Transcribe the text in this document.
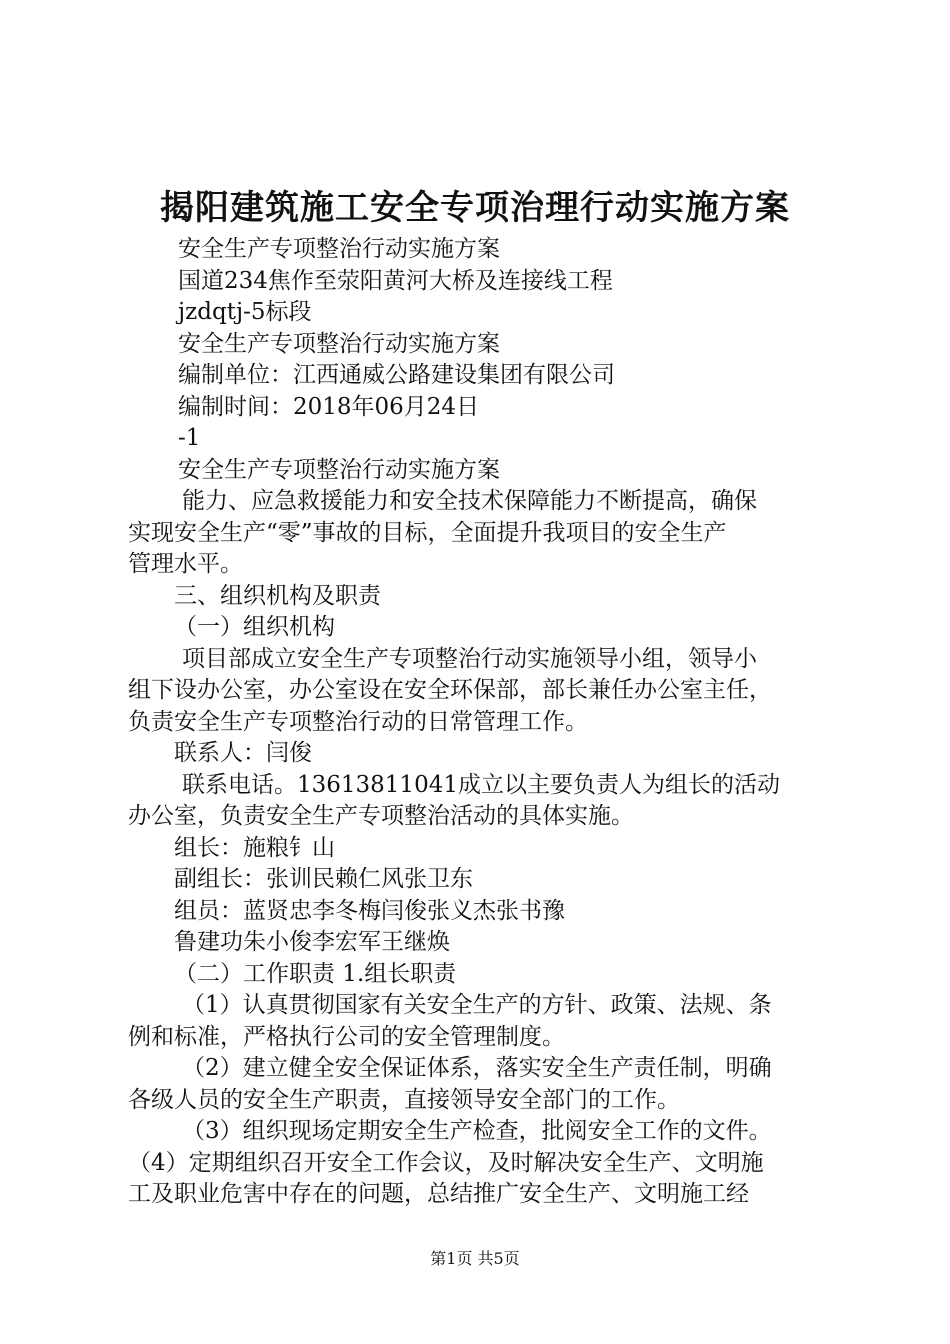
揭阳建筑施工安全专项治理行动实施方案
安全生产专项整治行动实施方案
国道234焦作至荥阳黄河大桥及连接线工程
jzdqtj-5标段
安全生产专项整治行动实施方案
编制单位：江西通威公路建设集团有限公司
编制时间：2018年06月24日
-1
安全生产专项整治行动实施方案
能力、应急救援能力和安全技术保障能力不断提高，确保
实现安全生产“零”事故的目标，全面提升我项目的安全生产
管理水平。
三、组织机构及职责
（一）组织机构
项目部成立安全生产专项整治行动实施领导小组，领导小
组下设办公室，办公室设在安全环保部，部长兼任办公室主任，
负责安全生产专项整治行动的日常管理工作。
联系人：闫俊
联系电话。13613811041成立以主要负责人为组长的活动
办公室，负责安全生产专项整治活动的具体实施。
组长：施粮钅山
副组长：张训民赖仁风张卫东
组员：蓝贤忠李冬梅闫俊张义杰张书豫
鲁建功朱小俊李宏军王继焕
（二）工作职责 1.组长职责
（1）认真贯彻国家有关安全生产的方针、政策、法规、条
例和标准，严格执行公司的安全管理制度。
（2）建立健全安全保证体系，落实安全生产责任制，明确
各级人员的安全生产职责，直接领导安全部门的工作。
（3）组织现场定期安全生产检查，批阅安全工作的文件。
（4）定期组织召开安全工作会议，及时解决安全生产、文明施
工及职业危害中存在的问题，总结推广安全生产、文明施工经
第1页 共5页
